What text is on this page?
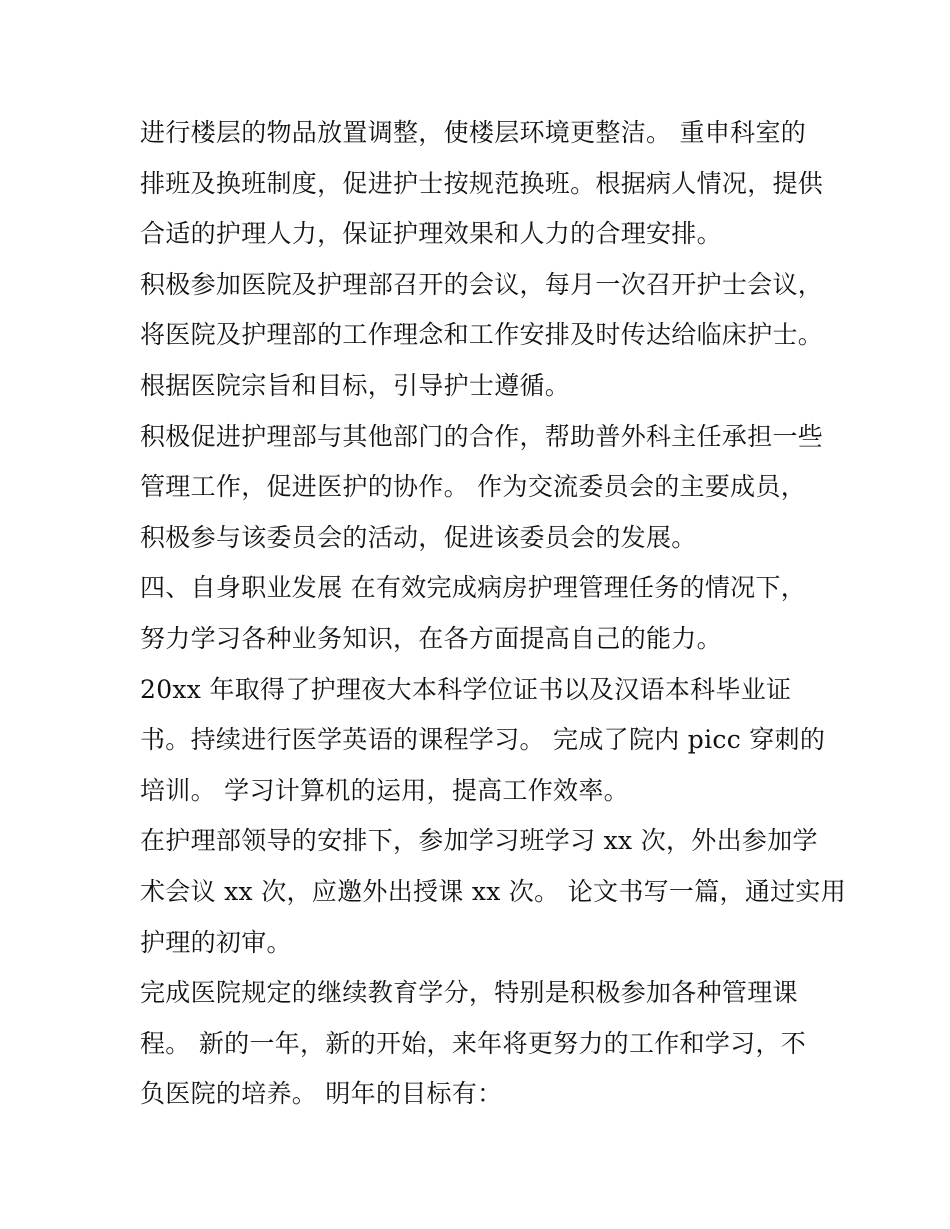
进行楼层的物品放置调整，使楼层环境更整洁。 重申科室的
排班及换班制度，促进护士按规范换班。根据病人情况，提供
合适的护理人力，保证护理效果和人力的合理安排。
积极参加医院及护理部召开的会议，每月一次召开护士会议，
将医院及护理部的工作理念和工作安排及时传达给临床护士。
根据医院宗旨和目标，引导护士遵循。
积极促进护理部与其他部门的合作，帮助普外科主任承担一些
管理工作，促进医护的协作。 作为交流委员会的主要成员，
积极参与该委员会的活动，促进该委员会的发展。
四、自身职业发展 在有效完成病房护理管理任务的情况下，
努力学习各种业务知识，在各方面提高自己的能力。
20xx 年取得了护理夜大本科学位证书以及汉语本科毕业证
书。持续进行医学英语的课程学习。 完成了院内 picc 穿刺的
培训。 学习计算机的运用，提高工作效率。
在护理部领导的安排下，参加学习班学习 xx 次，外出参加学
术会议 xx 次，应邀外出授课 xx 次。 论文书写一篇，通过实用
护理的初审。
完成医院规定的继续教育学分，特别是积极参加各种管理课
程。 新的一年，新的开始，来年将更努力的工作和学习，不
负医院的培养。 明年的目标有：
